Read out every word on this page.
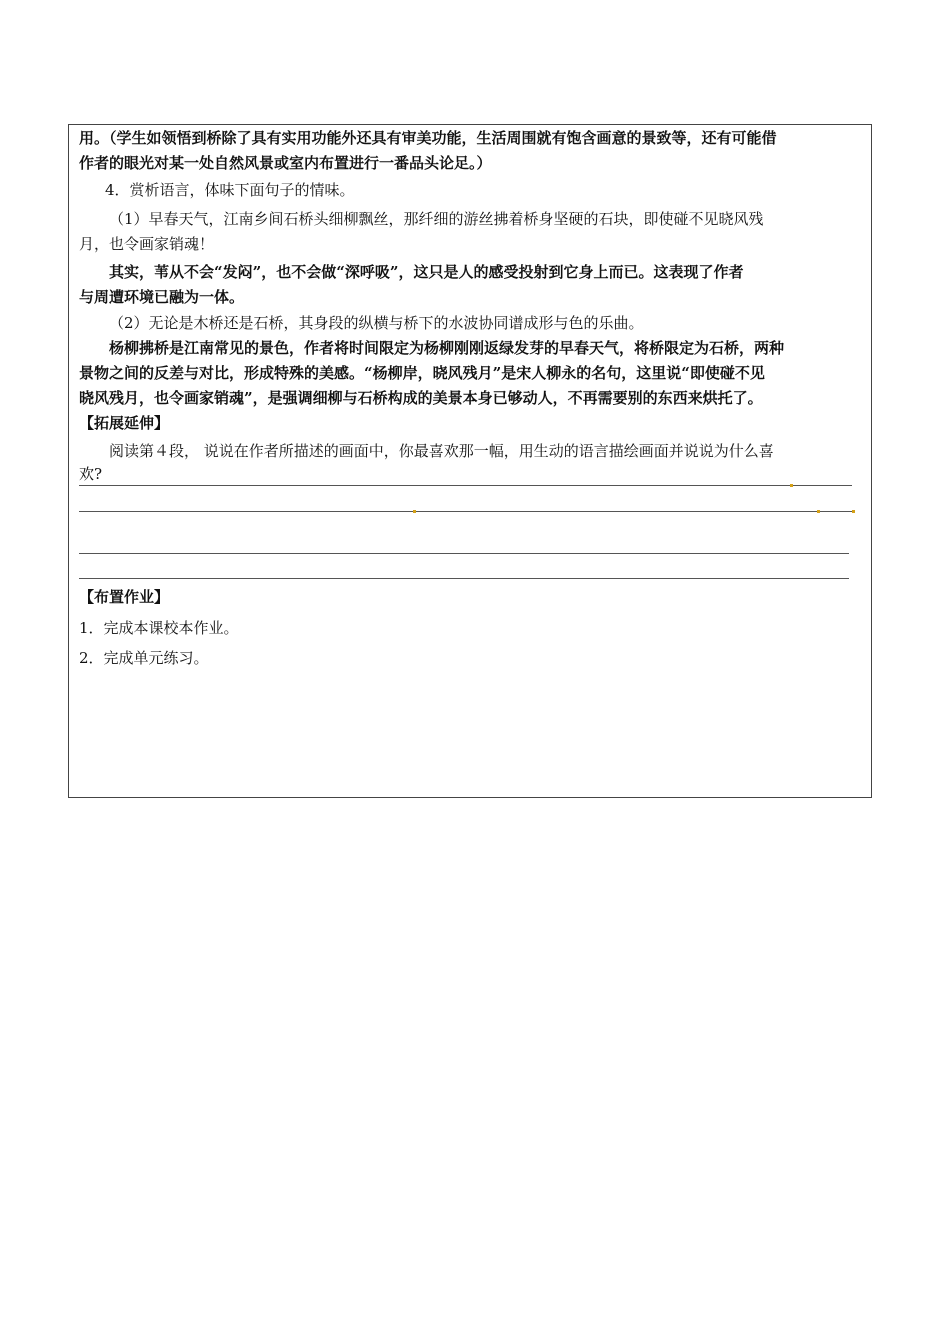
用。（学生如领悟到桥除了具有实用功能外还具有审美功能，生活周围就有饱含画意的景致等，还有可能借

作者的眼光对某一处自然风景或室内布置进行一番品头论足。）

4．赏析语言，体味下面句子的情味。

（1）早春天气，江南乡间石桥头细柳飘丝，那纤细的游丝拂着桥身坚硬的石块，即使碰不见晓风残

月，也令画家销魂！

其实，苇从不会“发闷”，也不会做“深呼吸”，这只是人的感受投射到它身上而已。这表现了作者

与周遭环境已融为一体。

（2）无论是木桥还是石桥，其身段的纵横与桥下的水波协同谱成形与色的乐曲。

杨柳拂桥是江南常见的景色，作者将时间限定为杨柳刚刚返绿发芽的早春天气，将桥限定为石桥，两种

景物之间的反差与对比，形成特殊的美感。“杨柳岸，晓风残月”是宋人柳永的名句，这里说“即使碰不见

晓风残月，也令画家销魂”，是强调细柳与石桥构成的美景本身已够动人，不再需要别的东西来烘托了。

【拓展延伸】

阅读第４段， 说说在作者所描述的画面中，你最喜欢那一幅，用生动的语言描绘画面并说说为什么喜

欢?

【布置作业】

1．完成本课校本作业。

2．完成单元练习。
